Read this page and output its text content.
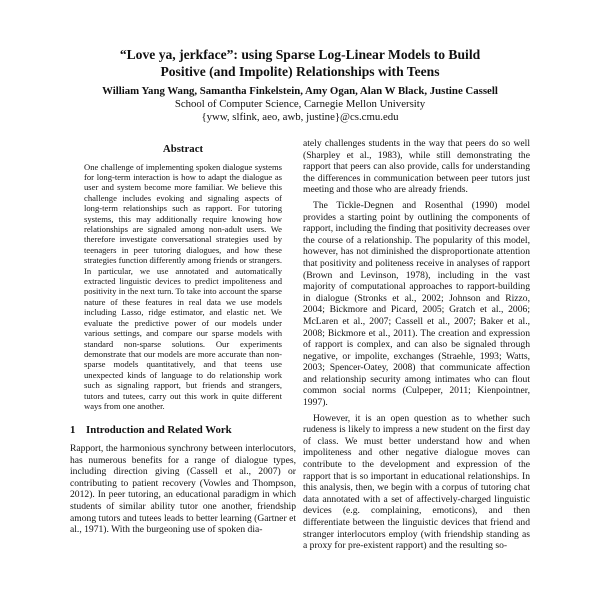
“Love ya, jerkface”: using Sparse Log-Linear Models to Build
Positive (and Impolite) Relationships with Teens
William Yang Wang, Samantha Finkelstein, Amy Ogan, Alan W Black, Justine Cassell
School of Computer Science, Carnegie Mellon University
{yww, slfink, aeo, awb, justine}@cs.cmu.edu
Abstract

One challenge of implementing spoken dialogue systems for long-term interaction is how to adapt the dialogue as user and system become more familiar. We believe this challenge includes evoking and signaling aspects of long-term relationships such as rapport. For tutoring systems, this may additionally require knowing how relationships are signaled among non-adult users. We therefore investigate conversational strategies used by teenagers in peer tutoring dialogues, and how these strategies function differently among friends or strangers. In particular, we use annotated and automatically extracted linguistic devices to predict impoliteness and positivity in the next turn. To take into account the sparse nature of these features in real data we use models including Lasso, ridge estimator, and elastic net. We evaluate the predictive power of our models under various settings, and compare our sparse models with standard non-sparse solutions. Our experiments demonstrate that our models are more accurate than non-sparse models quantitatively, and that teens use unexpected kinds of language to do relationship work such as signaling rapport, but friends and strangers, tutors and tutees, carry out this work in quite different ways from one another.

1 Introduction and Related Work

Rapport, the harmonious synchrony between interlocutors, has numerous benefits for a range of dialogue types, including direction giving (Cassell et al., 2007) or contributing to patient recovery (Vowles and Thompson, 2012). In peer tutoring, an educational paradigm in which students of similar ability tutor one another, friendship among tutors and tutees leads to better learning (Gartner et al., 1971). With the burgeoning use of spoken dia-

ately challenges students in the way that peers do so well (Sharpley et al., 1983), while still demonstrating the rapport that peers can also provide, calls for understanding the differences in communication between peer tutors just meeting and those who are already friends.

The Tickle-Degnen and Rosenthal (1990) model provides a starting point by outlining the components of rapport, including the finding that positivity decreases over the course of a relationship. The popularity of this model, however, has not diminished the disproportionate attention that positivity and politeness receive in analyses of rapport (Brown and Levinson, 1978), including in the vast majority of computational approaches to rapport-building in dialogue (Stronks et al., 2002; Johnson and Rizzo, 2004; Bickmore and Picard, 2005; Gratch et al., 2006; McLaren et al., 2007; Cassell et al., 2007; Baker et al., 2008; Bickmore et al., 2011). The creation and expression of rapport is complex, and can also be signaled through negative, or impolite, exchanges (Straehle, 1993; Watts, 2003; Spencer-Oatey, 2008) that communicate affection and relationship security among intimates who can flout common social norms (Culpeper, 2011; Kienpointner, 1997).

However, it is an open question as to whether such rudeness is likely to impress a new student on the first day of class. We must better understand how and when impoliteness and other negative dialogue moves can contribute to the development and expression of the rapport that is so important in educational relationships. In this analysis, then, we begin with a corpus of tutoring chat data annotated with a set of affectively-charged linguistic devices (e.g. complaining, emoticons), and then differentiate between the linguistic devices that friend and stranger interlocutors employ (with friendship standing as a proxy for pre-existent rapport) and the resulting so-
